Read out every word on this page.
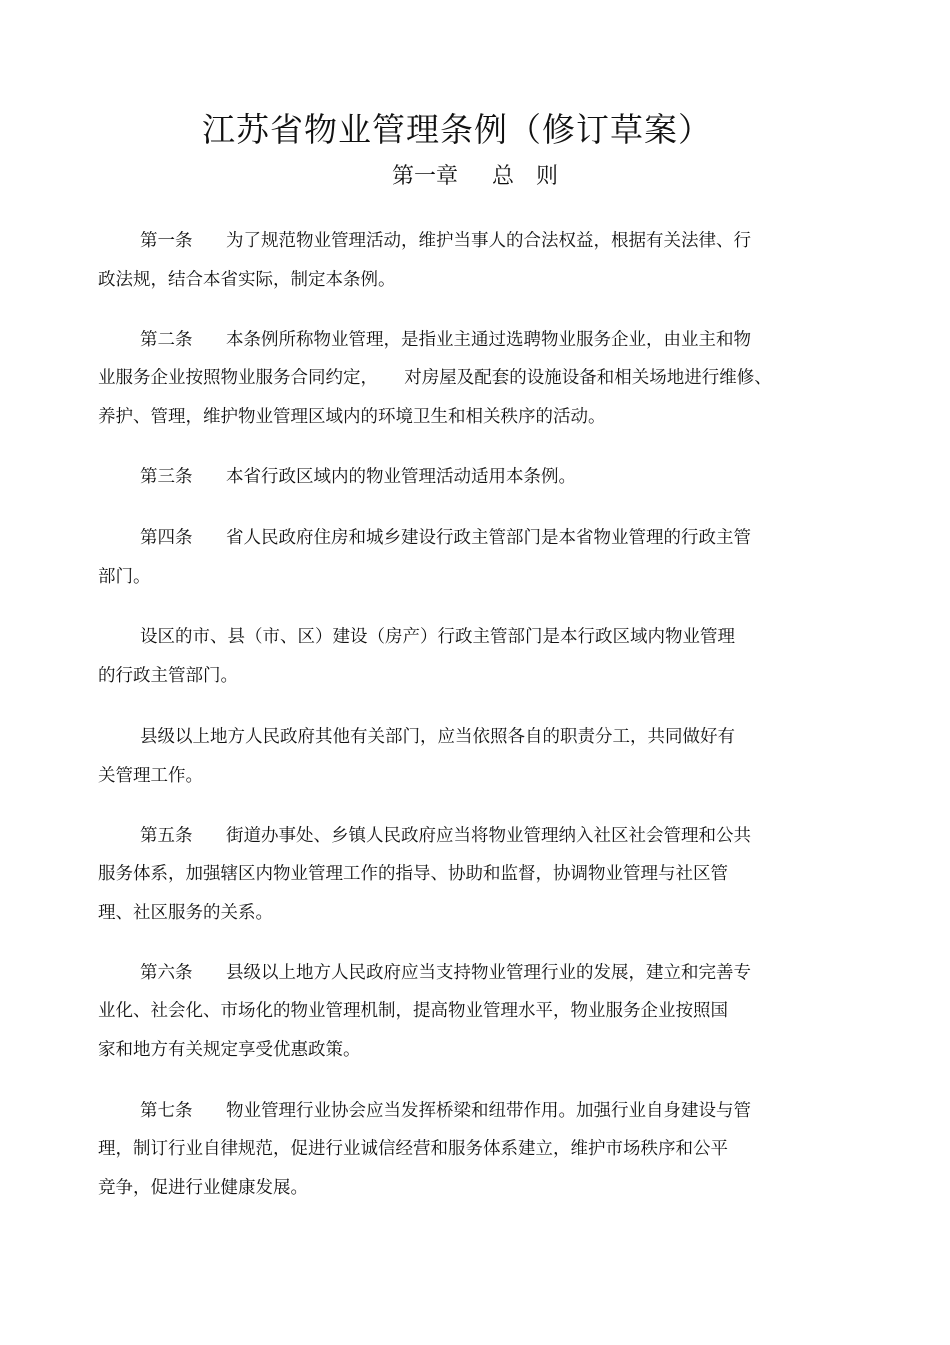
江苏省物业管理条例（修订草案）
第一章 总　则
第一条 为了规范物业管理活动，维护当事人的合法权益，根据有关法律、行
政法规，结合本省实际，制定本条例。
第二条 本条例所称物业管理，是指业主通过选聘物业服务企业，由业主和物
业服务企业按照物业服务合同约定，　　对房屋及配套的设施设备和相关场地进行维修、
养护、管理，维护物业管理区域内的环境卫生和相关秩序的活动。
第三条 本省行政区域内的物业管理活动适用本条例。
第四条 省人民政府住房和城乡建设行政主管部门是本省物业管理的行政主管
部门。
设区的市、县（市、区）建设（房产）行政主管部门是本行政区域内物业管理
的行政主管部门。
县级以上地方人民政府其他有关部门，应当依照各自的职责分工，共同做好有
关管理工作。
第五条 街道办事处、乡镇人民政府应当将物业管理纳入社区社会管理和公共
服务体系，加强辖区内物业管理工作的指导、协助和监督，协调物业管理与社区管
理、社区服务的关系。
第六条 县级以上地方人民政府应当支持物业管理行业的发展，建立和完善专
业化、社会化、市场化的物业管理机制，提高物业管理水平，物业服务企业按照国
家和地方有关规定享受优惠政策。
第七条 物业管理行业协会应当发挥桥梁和纽带作用。加强行业自身建设与管
理，制订行业自律规范，促进行业诚信经营和服务体系建立，维护市场秩序和公平
竞争，促进行业健康发展。
